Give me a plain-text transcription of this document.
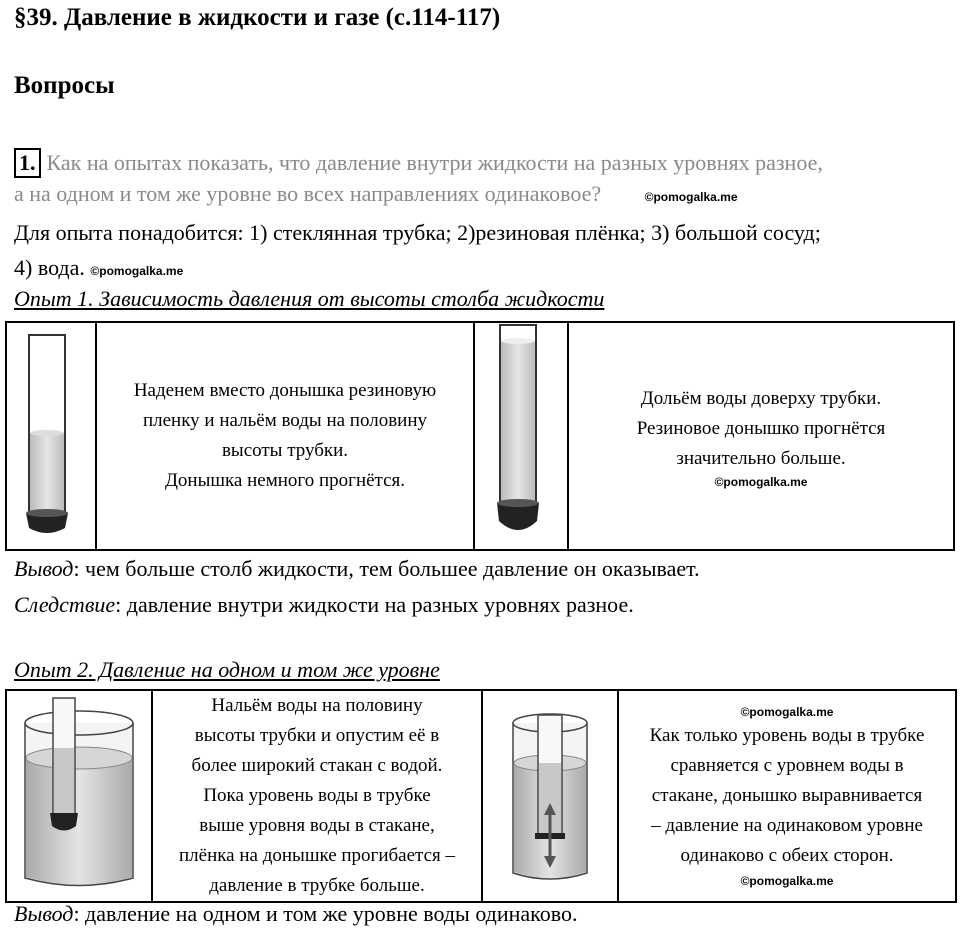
§39. Давление в жидкости и газе (с.114-117)
Вопросы
1. Как на опытах показать, что давление внутри жидкости на разных уровнях разное,
а на одном и том же уровне во всех направлениях одинаковое?	©pomogalka.me
Для опыта понадобится: 1) стеклянная трубка; 2)резиновая плёнка; 3) большой сосуд;
4) вода. ©pomogalka.me
Опыт 1. Зависимость давления от высоты столба жидкости

Наденем вместо донышка резиновую
пленку и нальём воды на половину
высоты трубки.
Донышка немного прогнётся.

Дольём воды доверху трубки.
Резиновое донышко прогнётся
значительно больше.
©pomogalka.me
Вывод: чем больше столб жидкости, тем большее давление он оказывает.
Следствие: давление внутри жидкости на разных уровнях разное.
Опыт 2. Давление на одном и том же уровне

Нальём воды на половину
высоты трубки и опустим её в
более широкий стакан с водой.
Пока уровень воды в трубке
выше уровня воды в стакане,
плёнка на донышке прогибается –
давление в трубке больше.

©pomogalka.me
Как только уровень воды в трубке
сравняется с уровнем воды в
стакане, донышко выравнивается
– давление на одинаковом уровне
одинаково с обеих сторон.
©pomogalka.me
Вывод: давление на одном и том же уровне воды одинаково.
